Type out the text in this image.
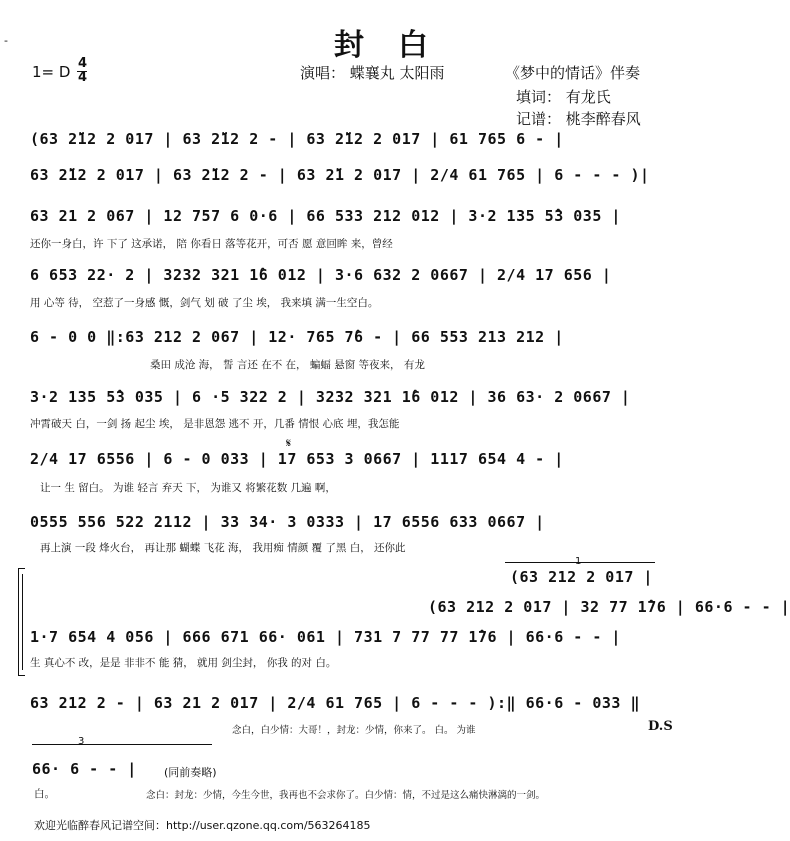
-	封白
1= D 4
4	演唱： 蝶襄丸 太阳雨	《梦中的情话》伴奏
填词： 有龙氏
记谱： 桃李醉春风
(63 2̈12 2 017 | 63 2̈12 2 - | 63 2̈12 2 017 | 61 765 6 - |
63 2̈12 2 017 | 63 2̈12 2 - | 63 2̈1 2 017 | 2/4 61 765 | 6 - - - )|
63 21 2 067 | 12 757 6 0·6 | 66 533 212 012 | 3·2 135 5̂3 035 |
还你一身白，许 下了 这承诺， 陪 你看日 落等花开，可否 愿 意回眸 来，曾经
6 653 22· 2 | 3232 321 1̂6 012 | 3·6 632 2 0667 | 2/4 17 656 |
用 心等 待， 空惹了一身感 慨，剑气 划 破 了尘 埃， 我来填 满一生空白。
6 - 0 0 ‖:63 212 2 067 | 12· 765 7̂6 - | 66 553 213 212 |
桑田 成沧 海， 誓 言还 在不 在， 蝙蝠 悬窗 等夜来， 有龙
3·2 135 5̂3 035 | 6 ·5 322 2 | 3232 321 1̂6 012 | 36 63· 2 0667 |
冲霄破天 白，一剑 扬 起尘 埃， 是非恩怨 逃不 开，几番 情恨 心底 埋，我怎能
𝄋
2/4 17 6556 | 6 - 0 033 | 17 653 3 0667 | 1117 654 4 - |
让一 生 留白。 为谁 轻言 弃天 下， 为谁又 将繁花数 几遍 啊，
0555 556 522 2112 | 33 34· 3 0333 | 17 6556 633 0667 |
再上演 一段 烽火台， 再让那 蝴蝶 飞花 海， 我用痴 情颜 覆 了黑 白， 还你此
1
(63 212 2 017 |
(63 212 2 017 | 32 77 1̂76 | 66·6 - - |
1·7 654 4 056 | 666 671 66· 061 | 731 7 77 77 1̂76 | 66·6 - - |
生 真心不 改，是是 非非不 能 猜， 就用 剑尘封， 你我 的对 白。
63 212 2 - | 63 21 2 017 | 2/4 61 765 | 6 - - - ):‖ 66·6 - 033 ‖
念白，白少情：大哥！，封龙：少情，你来了。 白。 为谁	D.S
3
66· 6 - - | (同前奏略)
白。	念白：封龙：少情，今生今世，我再也不会求你了。白少情：情，不过是这么痛快淋漓的一剑。
欢迎光临醉春风记谱空间：http://user.qzone.qq.com/563264185
